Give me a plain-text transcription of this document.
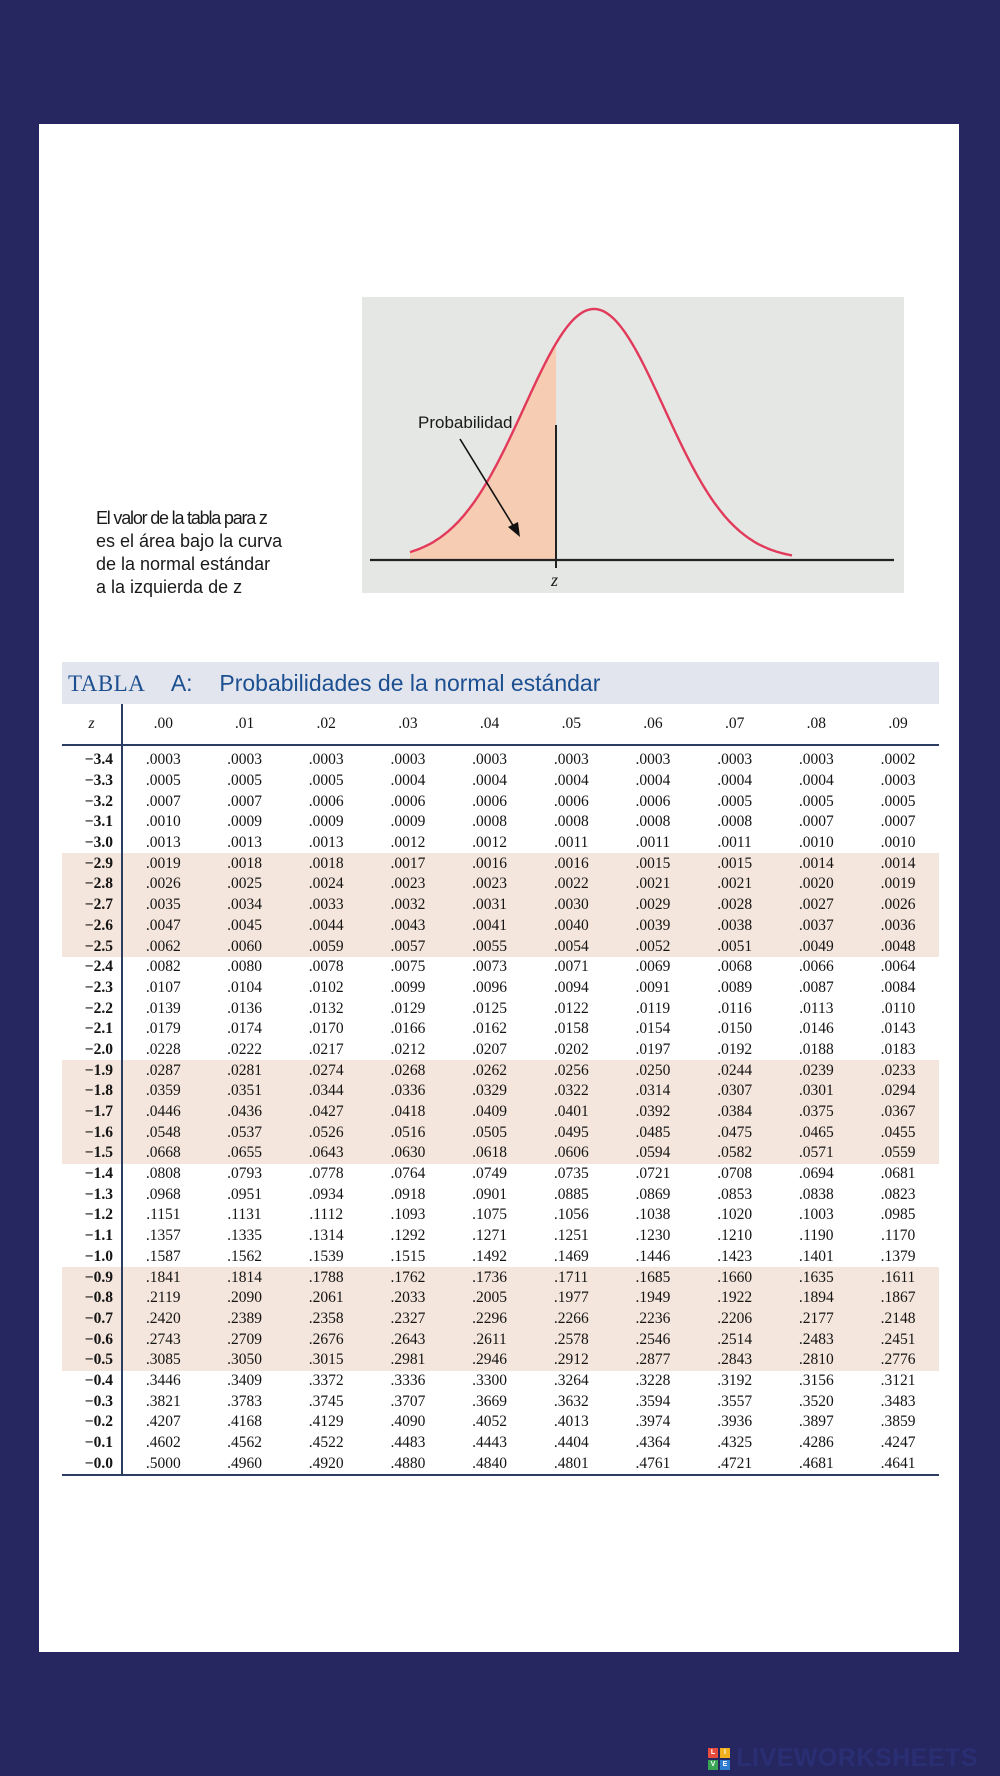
El valor de la tabla para z
es el área bajo la curva
de la normal estándar
a la izquierda de z

Probabilidad
z
TABLA A: Probabilidades de la normal estándar
z	.00	.01	.02	.03	.04	.05	.06	.07	.08	.09
−3.4	.0003	.0003	.0003	.0003	.0003	.0003	.0003	.0003	.0003	.0002
−3.3	.0005	.0005	.0005	.0004	.0004	.0004	.0004	.0004	.0004	.0003
−3.2	.0007	.0007	.0006	.0006	.0006	.0006	.0006	.0005	.0005	.0005
−3.1	.0010	.0009	.0009	.0009	.0008	.0008	.0008	.0008	.0007	.0007
−3.0	.0013	.0013	.0013	.0012	.0012	.0011	.0011	.0011	.0010	.0010
−2.9	.0019	.0018	.0018	.0017	.0016	.0016	.0015	.0015	.0014	.0014
−2.8	.0026	.0025	.0024	.0023	.0023	.0022	.0021	.0021	.0020	.0019
−2.7	.0035	.0034	.0033	.0032	.0031	.0030	.0029	.0028	.0027	.0026
−2.6	.0047	.0045	.0044	.0043	.0041	.0040	.0039	.0038	.0037	.0036
−2.5	.0062	.0060	.0059	.0057	.0055	.0054	.0052	.0051	.0049	.0048
−2.4	.0082	.0080	.0078	.0075	.0073	.0071	.0069	.0068	.0066	.0064
−2.3	.0107	.0104	.0102	.0099	.0096	.0094	.0091	.0089	.0087	.0084
−2.2	.0139	.0136	.0132	.0129	.0125	.0122	.0119	.0116	.0113	.0110
−2.1	.0179	.0174	.0170	.0166	.0162	.0158	.0154	.0150	.0146	.0143
−2.0	.0228	.0222	.0217	.0212	.0207	.0202	.0197	.0192	.0188	.0183
−1.9	.0287	.0281	.0274	.0268	.0262	.0256	.0250	.0244	.0239	.0233
−1.8	.0359	.0351	.0344	.0336	.0329	.0322	.0314	.0307	.0301	.0294
−1.7	.0446	.0436	.0427	.0418	.0409	.0401	.0392	.0384	.0375	.0367
−1.6	.0548	.0537	.0526	.0516	.0505	.0495	.0485	.0475	.0465	.0455
−1.5	.0668	.0655	.0643	.0630	.0618	.0606	.0594	.0582	.0571	.0559
−1.4	.0808	.0793	.0778	.0764	.0749	.0735	.0721	.0708	.0694	.0681
−1.3	.0968	.0951	.0934	.0918	.0901	.0885	.0869	.0853	.0838	.0823
−1.2	.1151	.1131	.1112	.1093	.1075	.1056	.1038	.1020	.1003	.0985
−1.1	.1357	.1335	.1314	.1292	.1271	.1251	.1230	.1210	.1190	.1170
−1.0	.1587	.1562	.1539	.1515	.1492	.1469	.1446	.1423	.1401	.1379
−0.9	.1841	.1814	.1788	.1762	.1736	.1711	.1685	.1660	.1635	.1611
−0.8	.2119	.2090	.2061	.2033	.2005	.1977	.1949	.1922	.1894	.1867
−0.7	.2420	.2389	.2358	.2327	.2296	.2266	.2236	.2206	.2177	.2148
−0.6	.2743	.2709	.2676	.2643	.2611	.2578	.2546	.2514	.2483	.2451
−0.5	.3085	.3050	.3015	.2981	.2946	.2912	.2877	.2843	.2810	.2776
−0.4	.3446	.3409	.3372	.3336	.3300	.3264	.3228	.3192	.3156	.3121
−0.3	.3821	.3783	.3745	.3707	.3669	.3632	.3594	.3557	.3520	.3483
−0.2	.4207	.4168	.4129	.4090	.4052	.4013	.3974	.3936	.3897	.3859
−0.1	.4602	.4562	.4522	.4483	.4443	.4404	.4364	.4325	.4286	.4247
−0.0	.5000	.4960	.4920	.4880	.4840	.4801	.4761	.4721	.4681	.4641
L	I
V E LIVEWORKSHEETS
